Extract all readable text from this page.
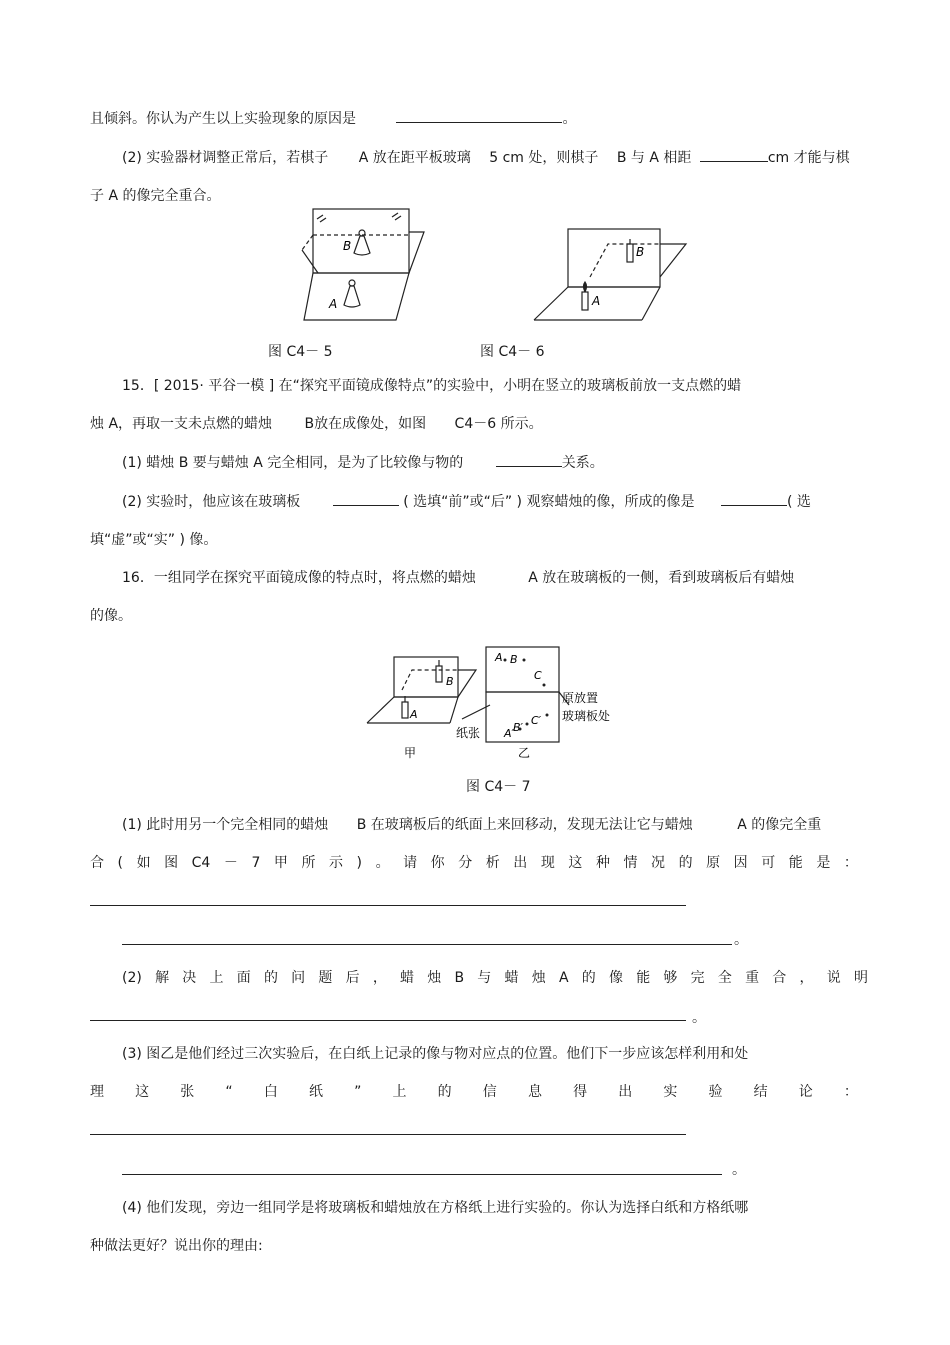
且倾斜。你认为产生以上实验现象的原因是	。
(2) 实验器材调整正常后，若棋子 A 放在距平板玻璃 5 cm 处，则棋子 B 与 A 相距	cm 才能与棋
子 A 的像完全重合。
B
A
B
A
图 C4－ 5	图 C4－ 6
15．[ 2015· 平谷一模 ] 在“探究平面镜成像特点”的实验中，小明在竖立的玻璃板前放一支点燃的蜡
烛 A，再取一支未点燃的蜡烛 B放在成像处，如图 C4－6 所示。
(1) 蜡烛 B 要与蜡烛 A 完全相同，是为了比较像与物的	关系。
(2) 实验时，他应该在玻璃板	( 选填“前”或“后” ) 观察蜡烛的像，所成的像是	( 选
填“虚”或“实” ) 像。
16．一组同学在探究平面镜成像的特点时，将点燃的蜡烛	A 放在玻璃板的一侧，看到玻璃板后有蜡烛
的像。
B
A
A B
C
A′
B′
C′
纸张
原放置
玻璃板处
甲	乙
图 C4－ 7
(1) 此时用另一个完全相同的蜡烛 B 在玻璃板后的纸面上来回移动，发现无法让它与蜡烛	A 的像完全重
合 ( 如 图 C4 － 7 甲 所 示 ) 。 请 你 分 析 出 现 这 种 情 况 的 原 因 可 能 是 ：
。
(2) 解 决 上 面 的 问 题 后 ， 蜡 烛 B 与 蜡 烛 A 的 像 能 够 完 全 重 合 ， 说 明
。
(3) 图乙是他们经过三次实验后，在白纸上记录的像与物对应点的位置。他们下一步应该怎样利用和处
理 这 张 “ 白 纸 ” 上 的 信 息 得 出 实 验 结 论 ：
。
(4) 他们发现，旁边一组同学是将玻璃板和蜡烛放在方格纸上进行实验的。你认为选择白纸和方格纸哪
种做法更好？说出你的理由:
